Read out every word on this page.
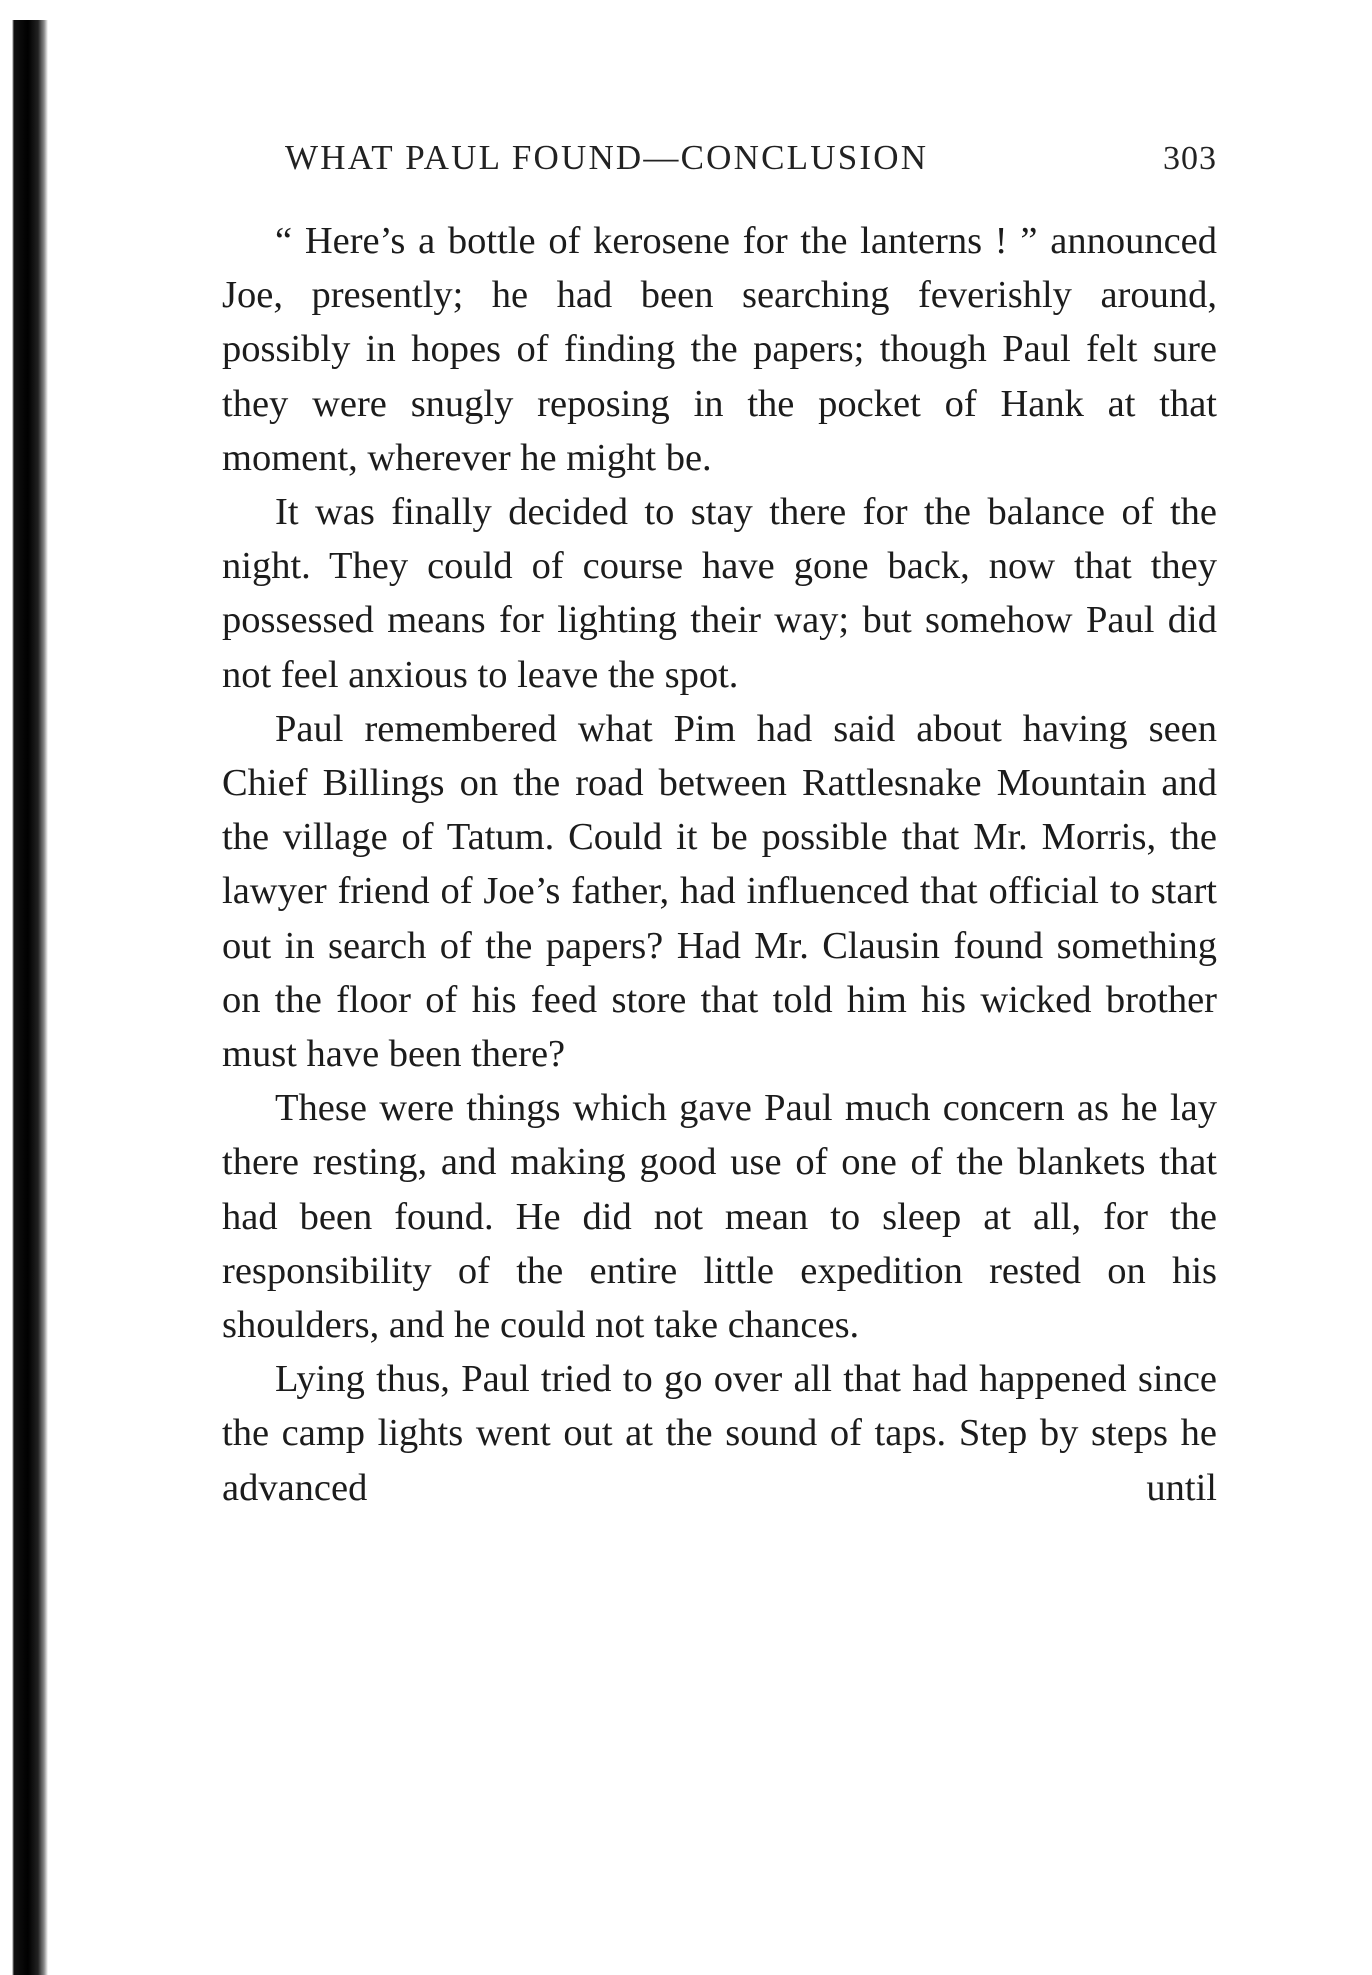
WHAT PAUL FOUND—CONCLUSION	303

“ Here’s a bottle of kerosene for the lanterns ! ” announced Joe, presently; he had been searching feverishly around, possibly in hopes of finding the papers; though Paul felt sure they were snugly reposing in the pocket of Hank at that moment, wherever he might be.

It was finally decided to stay there for the balance of the night. They could of course have gone back, now that they possessed means for lighting their way; but somehow Paul did not feel anxious to leave the spot.

Paul remembered what Pim had said about having seen Chief Billings on the road between Rattlesnake Mountain and the village of Tatum. Could it be possible that Mr. Morris, the lawyer friend of Joe’s father, had influenced that official to start out in search of the papers? Had Mr. Clausin found something on the floor of his feed store that told him his wicked brother must have been there?

These were things which gave Paul much concern as he lay there resting, and making good use of one of the blankets that had been found. He did not mean to sleep at all, for the responsibility of the entire little expedition rested on his shoulders, and he could not take chances.

Lying thus, Paul tried to go over all that had happened since the camp lights went out at the sound of taps. Step by steps he advanced until
